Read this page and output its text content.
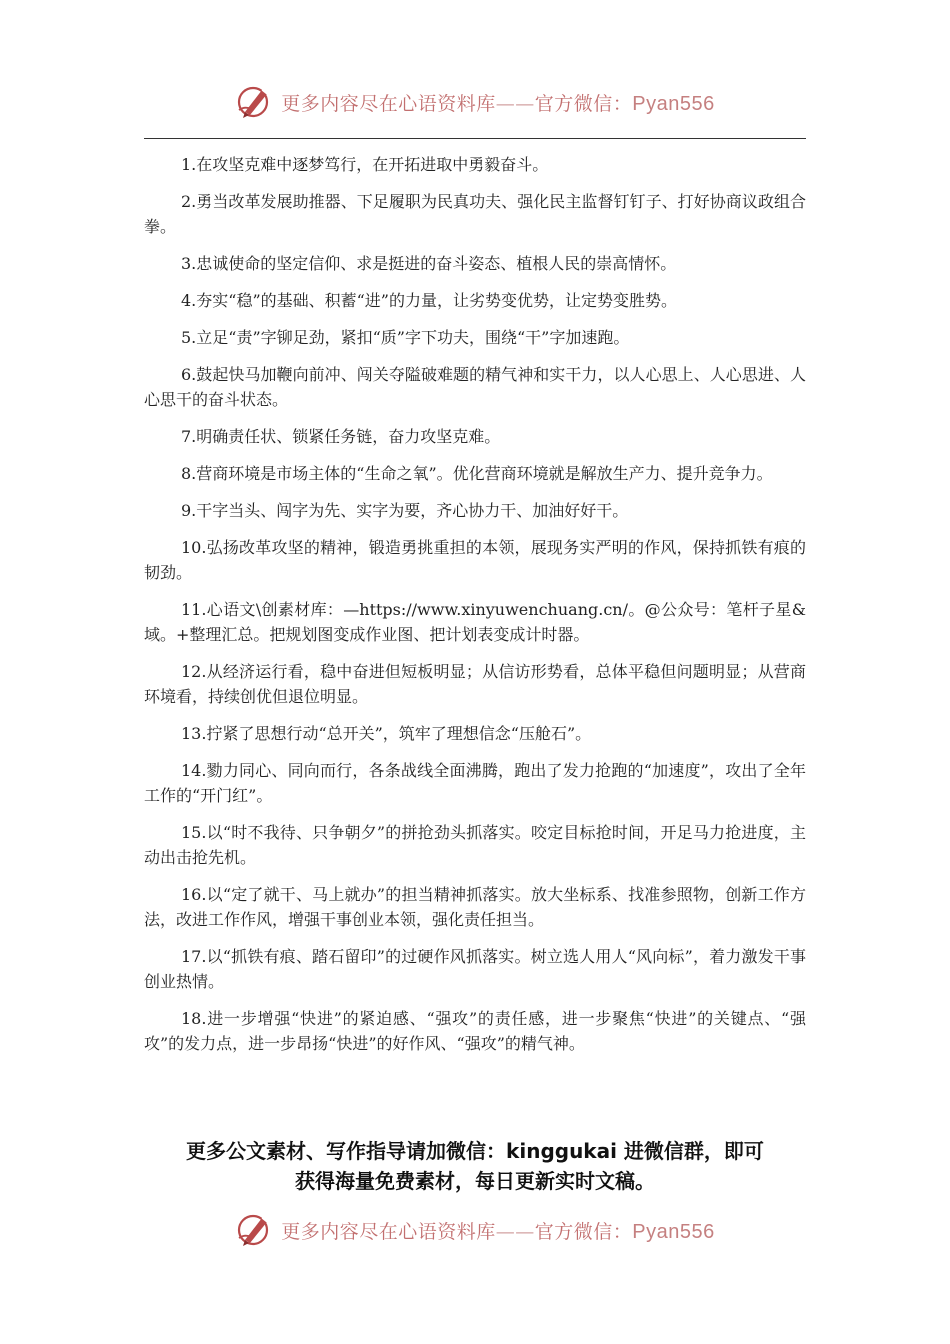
更多内容尽在心语资料库——官方微信：Pyan556

1.在攻坚克难中逐梦笃行，在开拓进取中勇毅奋斗。

2.勇当改革发展助推器、下足履职为民真功夫、强化民主监督钉钉子、打好协商议政组合拳。

3.忠诚使命的坚定信仰、求是挺进的奋斗姿态、植根人民的崇高情怀。

4.夯实“稳”的基础、积蓄“进”的力量，让劣势变优势，让定势变胜势。

5.立足“责”字铆足劲，紧扣“质”字下功夫，围绕“干”字加速跑。

6.鼓起快马加鞭向前冲、闯关夺隘破难题的精气神和实干力，以人心思上、人心思进、人心思干的奋斗状态。

7.明确责任状、锁紧任务链，奋力攻坚克难。

8.营商环境是市场主体的“生命之氧”。优化营商环境就是解放生产力、提升竞争力。

9.干字当头、闯字为先、实字为要，齐心协力干、加油好好干。

10.弘扬改革攻坚的精神，锻造勇挑重担的本领，展现务实严明的作风，保持抓铁有痕的韧劲。

11.心语文\创素材库：—https://www.xinyuwenchuang.cn/。@公众号：笔杆子星&域。+整理汇总。把规划图变成作业图、把计划表变成计时器。

12.从经济运行看，稳中奋进但短板明显；从信访形势看，总体平稳但问题明显；从营商环境看，持续创优但退位明显。

13.拧紧了思想行动“总开关”，筑牢了理想信念“压舱石”。

14.勠力同心、同向而行，各条战线全面沸腾，跑出了发力抢跑的“加速度”，攻出了全年工作的“开门红”。

15.以“时不我待、只争朝夕”的拼抢劲头抓落实。咬定目标抢时间，开足马力抢进度，主动出击抢先机。

16.以“定了就干、马上就办”的担当精神抓落实。放大坐标系、找准参照物，创新工作方法，改进工作作风，增强干事创业本领，强化责任担当。

17.以“抓铁有痕、踏石留印”的过硬作风抓落实。树立选人用人“风向标”，着力激发干事创业热情。

18.进一步增强“快进”的紧迫感、“强攻”的责任感，进一步聚焦“快进”的关键点、“强攻”的发力点，进一步昂扬“快进”的好作风、“强攻”的精气神。

更多公文素材、写作指导请加微信：kinggukai 进微信群，即可
获得海量免费素材，每日更新实时文稿。
更多内容尽在心语资料库——官方微信：Pyan556
